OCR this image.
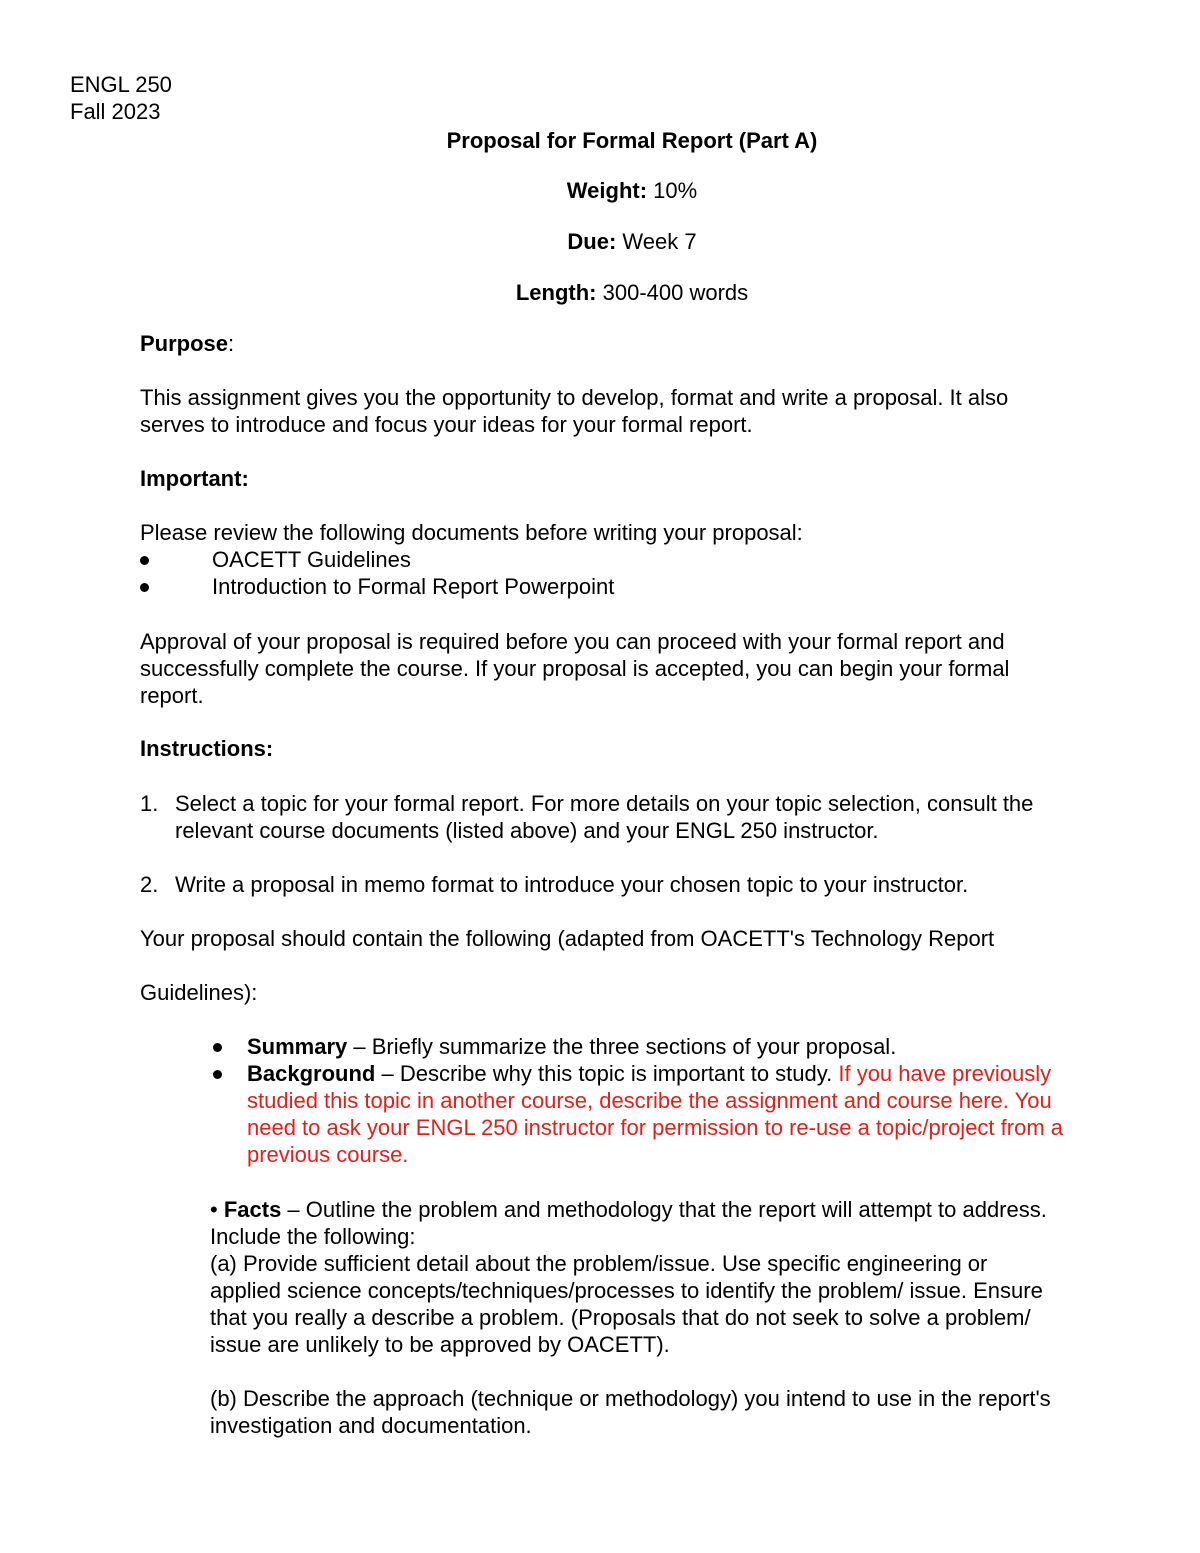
ENGL 250

Fall 2023

Proposal for Formal Report (Part A)

Weight: 10%

Due: Week 7

Length: 300-400 words

Purpose:

This assignment gives you the opportunity to develop, format and write a proposal. It also

serves to introduce and focus your ideas for your formal report.

Important:

Please review the following documents before writing your proposal:

OACETT Guidelines
Introduction to Formal Report Powerpoint

Approval of your proposal is required before you can proceed with your formal report and

successfully complete the course. If your proposal is accepted, you can begin your formal

report.

Instructions:

1. Select a topic for your formal report. For more details on your topic selection, consult the

relevant course documents (listed above) and your ENGL 250 instructor.

2. Write a proposal in memo format to introduce your chosen topic to your instructor.

Your proposal should contain the following (adapted from OACETT's Technology Report

Guidelines):

Summary – Briefly summarize the three sections of your proposal.

Background – Describe why this topic is important to study. If you have previously

studied this topic in another course, describe the assignment and course here. You

need to ask your ENGL 250 instructor for permission to re-use a topic/project from a

previous course.

• Facts – Outline the problem and methodology that the report will attempt to address.

Include the following:

(a) Provide sufficient detail about the problem/issue. Use specific engineering or

applied science concepts/techniques/processes to identify the problem/ issue. Ensure

that you really a describe a problem. (Proposals that do not seek to solve a problem/

issue are unlikely to be approved by OACETT).

(b) Describe the approach (technique or methodology) you intend to use in the report's

investigation and documentation.
